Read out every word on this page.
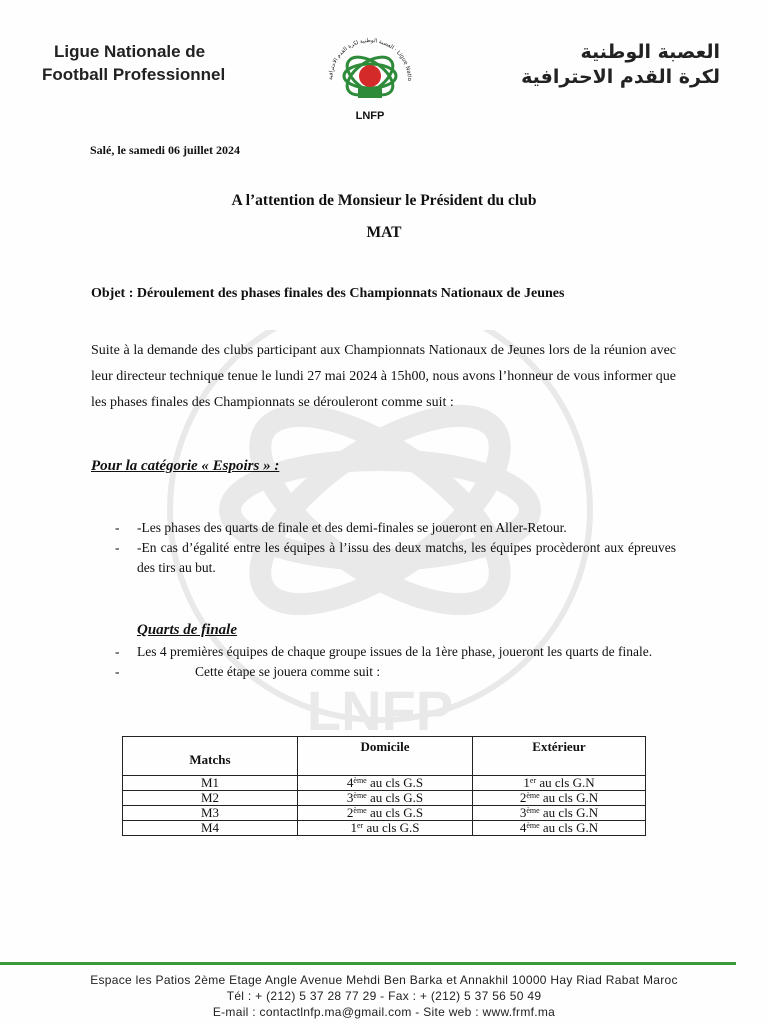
Ligue Nationale de
Football Professionnel
العصبة الوطنية لكرة القدم الاحترافية · Ligue Natio
LNFP
العصبة الوطنية
لكرة القدم الاحترافية
LNFP
Salé, le samedi 06 juillet 2024
A l’attention de Monsieur le Président du club
MAT
Objet : Déroulement des phases finales des Championnats Nationaux de Jeunes
Suite à la demande des clubs participant aux Championnats Nationaux de Jeunes lors de la réunion avec leur directeur technique tenue le lundi 27 mai 2024 à 15h00, nous avons l’honneur de vous informer que les phases finales des Championnats se dérouleront comme suit :
Pour la catégorie « Espoirs » :
- -Les phases des quarts de finale et des demi-finales se joueront en Aller-Retour.
- -En cas d’égalité entre les équipes à l’issu des deux matchs, les équipes procèderont aux épreuves des tirs au but.
Quarts de finale
- Les 4 premières équipes de chaque groupe issues de la 1ère phase, joueront les quarts de finale.
-	Cette étape se jouera comme suit :
Matchs	Domicile	Extérieur
M1	4ème au cls G.S	1er au cls G.N
M2	3ème au cls G.S	2ème au cls G.N
M3	2ème au cls G.S	3ème au cls G.N
M4	1er au cls G.S	4ème au cls G.N
Espace les Patios 2ème Etage Angle Avenue Mehdi Ben Barka et Annakhil 10000 Hay Riad Rabat Maroc
Tél : + (212) 5 37 28 77 29 - Fax : + (212) 5 37 56 50 49
E-mail : contactlnfp.ma@gmail.com - Site web : www.frmf.ma
